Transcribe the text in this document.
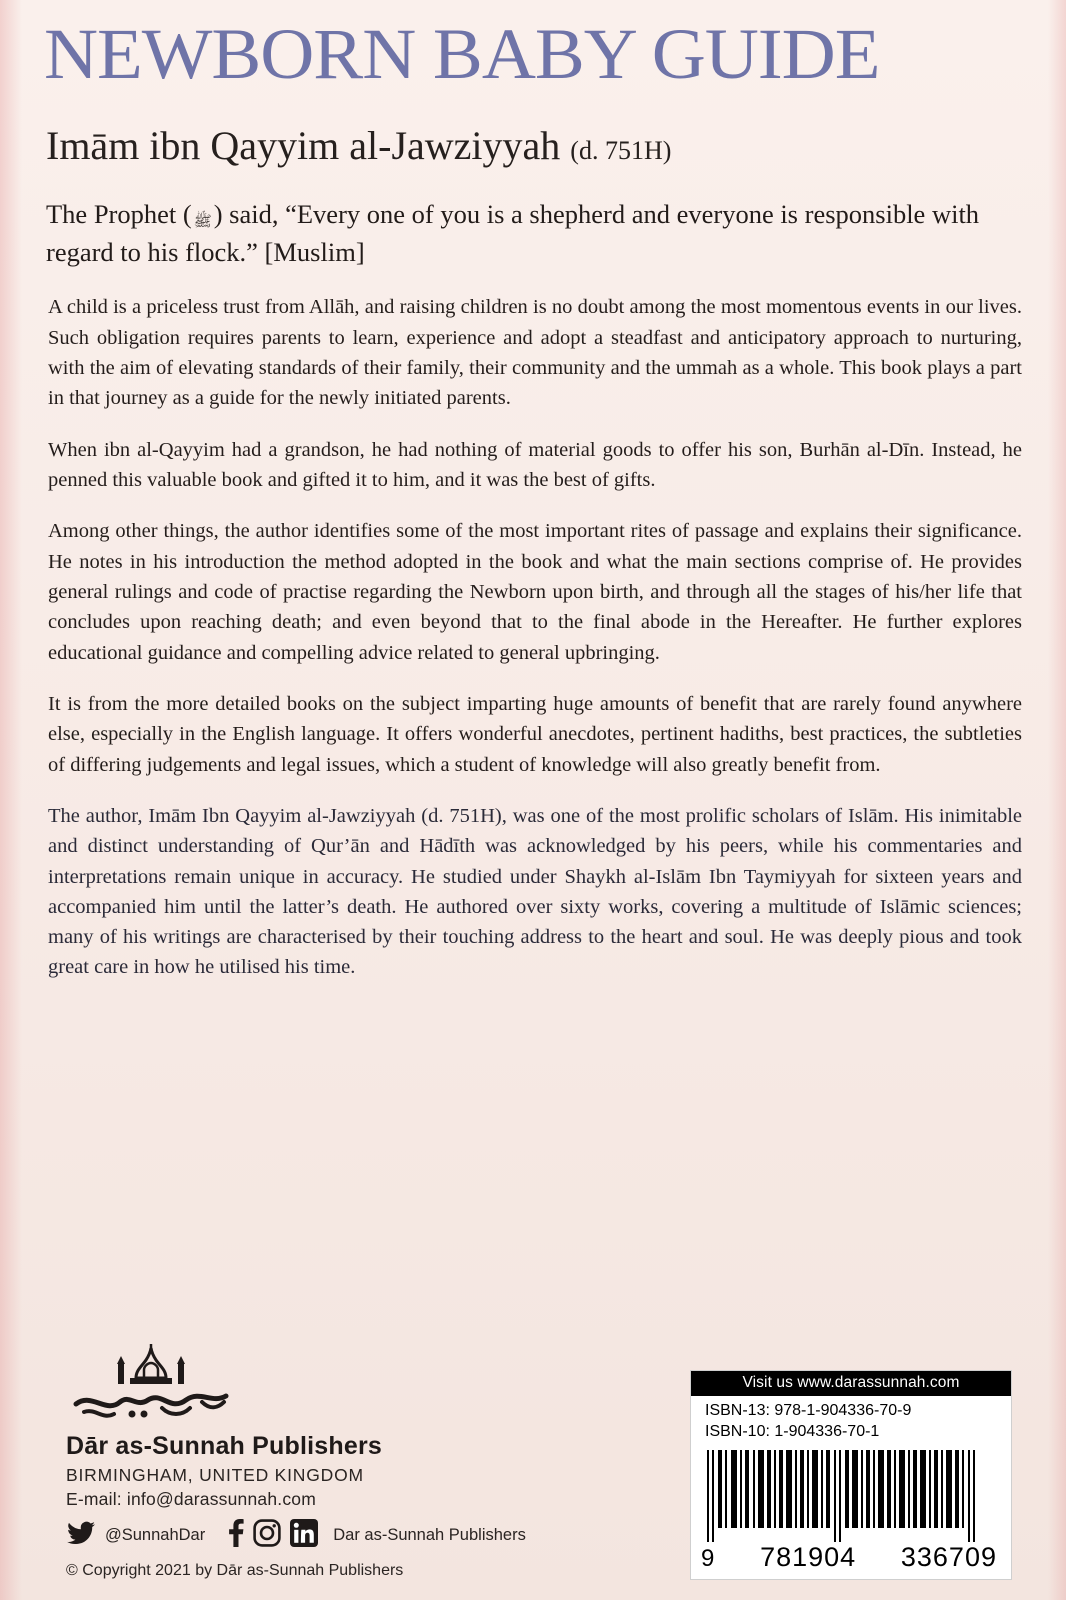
NEWBORN BABY GUIDE
Imām ibn Qayyim al-Jawziyyah (d. 751H)

The Prophet ( ﷺ) said, “Every one of you is a shepherd and everyone is responsible with regard to his flock.” [Muslim]

A child is a priceless trust from Allāh, and raising children is no doubt among the most momentous events in our lives. Such obligation requires parents to learn, experience and adopt a steadfast and anticipatory approach to nurturing, with the aim of elevating standards of their family, their community and the ummah as a whole. This book plays a part in that journey as a guide for the newly initiated parents.

When ibn al-Qayyim had a grandson, he had nothing of material goods to offer his son, Burhān al-Dīn. Instead, he penned this valuable book and gifted it to him, and it was the best of gifts.

Among other things, the author identifies some of the most important rites of passage and explains their significance. He notes in his introduction the method adopted in the book and what the main sections comprise of. He provides general rulings and code of practise regarding the Newborn upon birth, and through all the stages of his/her life that concludes upon reaching death; and even beyond that to the final abode in the Hereafter. He further explores educational guidance and compelling advice related to general upbringing.

It is from the more detailed books on the subject imparting huge amounts of benefit that are rarely found anywhere else, especially in the English language. It offers wonderful anecdotes, pertinent hadiths, best practices, the subtleties of differing judgements and legal issues, which a student of knowledge will also greatly benefit from.

The author, Imām Ibn Qayyim al-Jawziyyah (d. 751H), was one of the most prolific scholars of Islām. His inimitable and distinct understanding of Qur’ān and Hādīth was acknowledged by his peers, while his commentaries and interpretations remain unique in accuracy. He studied under Shaykh al-Islām Ibn Taymiyyah for sixteen years and accompanied him until the latter’s death. He authored over sixty works, covering a multitude of Islāmic sciences; many of his writings are characterised by their touching address to the heart and soul. He was deeply pious and took great care in how he utilised his time.

Dār as-Sunnah Publishers
BIRMINGHAM, UNITED KINGDOM
E-mail: info@darassunnah.com
@SunnahDar	Dar as-Sunnah Publishers
© Copyright 2021 by Dār as-Sunnah Publishers
Visit us www.darassunnah.com
ISBN-13: 978-1-904336-70-9
ISBN-10: 1-904336-70-1
9 781904 336709
